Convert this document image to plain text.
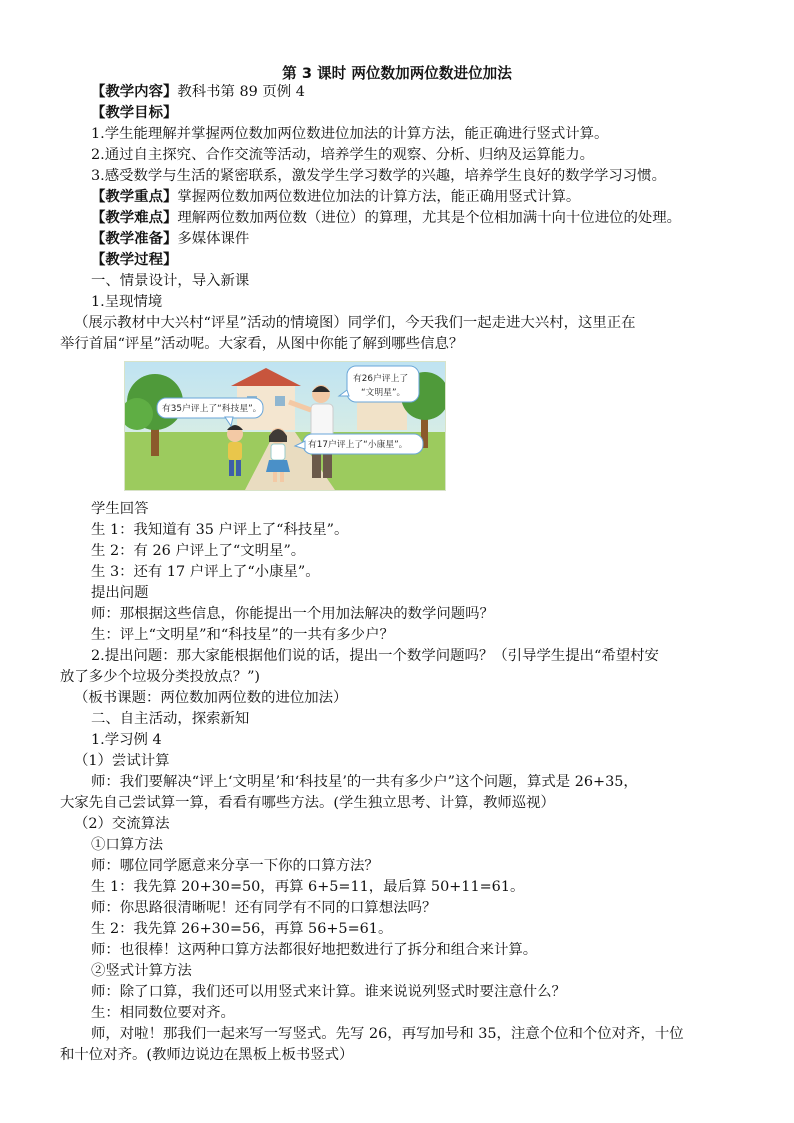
第 3 课时 两位数加两位数进位加法
【教学内容】教科书第 89 页例 4
【教学目标】
1.学生能理解并掌握两位数加两位数进位加法的计算方法，能正确进行竖式计算。
2.通过自主探究、合作交流等活动，培养学生的观察、分析、归纳及运算能力。
3.感受数学与生活的紧密联系，激发学生学习数学的兴趣，培养学生良好的数学学习习惯。
【教学重点】掌握两位数加两位数进位加法的计算方法，能正确用竖式计算。
【教学难点】理解两位数加两位数（进位）的算理，尤其是个位相加满十向十位进位的处理。
【教学准备】多媒体课件
【教学过程】
一、情景设计，导入新课
1.呈现情境
（展示教材中大兴村“评星”活动的情境图）同学们，今天我们一起走进大兴村，这里正在
举行首届“评星”活动呢。大家看，从图中你能了解到哪些信息？
有35户评上了“科技星”。
有26户评上了
“文明星”。
有17户评上了“小康星”。
学生回答
生 1：我知道有 35 户评上了“科技星”。
生 2：有 26 户评上了“文明星”。
生 3：还有 17 户评上了“小康星”。
提出问题
师：那根据这些信息，你能提出一个用加法解决的数学问题吗？
生：评上“文明星”和“科技星”的一共有多少户？
2.提出问题：那大家能根据他们说的话，提出一个数学问题吗？（引导学生提出“希望村安
放了多少个垃圾分类投放点？”)
（板书课题：两位数加两位数的进位加法）
二、自主活动，探索新知
1.学习例 4
（1）尝试计算
师：我们要解决“评上‘文明星’和‘科技星’的一共有多少户”这个问题，算式是 26+35，
大家先自己尝试算一算，看看有哪些方法。(学生独立思考、计算，教师巡视）
（2）交流算法
①口算方法
师：哪位同学愿意来分享一下你的口算方法？
生 1：我先算 20+30=50，再算 6+5=11，最后算 50+11=61。
师：你思路很清晰呢！还有同学有不同的口算想法吗？
生 2：我先算 26+30=56，再算 56+5=61。
师：也很棒！这两种口算方法都很好地把数进行了拆分和组合来计算。
②竖式计算方法
师：除了口算，我们还可以用竖式来计算。谁来说说列竖式时要注意什么？
生：相同数位要对齐。
师，对啦！那我们一起来写一写竖式。先写 26，再写加号和 35，注意个位和个位对齐，十位
和十位对齐。(教师边说边在黑板上板书竖式）
